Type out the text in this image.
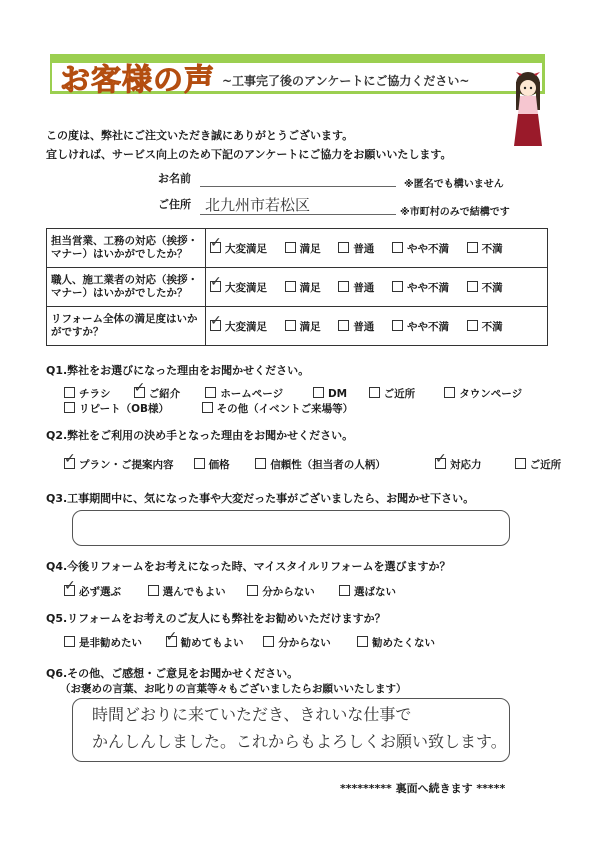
お客様の声 ~工事完了後のアンケートにご協力ください~
この度は、弊社にご注文いただき誠にありがとうございます。
宜しければ、サービス向上のため下記のアンケートにご協力をお願いいたします。
お名前	※匿名でも構いません
ご住所 北九州市若松区	※市町村のみで結構です
担当営業、工務の対応（挨拶・マナー）はいかがでしたか？	✓大変満足 満足 普通 やや不満 不満
職人、施工業者の対応（挨拶・マナー）はいかがでしたか？	✓大変満足 満足 普通 やや不満 不満
リフォーム全体の満足度はいかがですか？	✓大変満足 満足 普通 やや不満 不満
Q1.弊社をお選びになった理由をお聞かせください。
チラシ ✓	ご紹介	ホームページ	DM	ご近所	タウンページ
リピート（OB様）	その他（イベントご来場等）
Q2.弊社をご利用の決め手となった理由をお聞かせください。
✓プラン・ご提案内容	価格	信頼性（担当者の人柄） ✓	対応力	ご近所
Q3.工事期間中に、気になった事や大変だった事がございましたら、お聞かせ下さい。
Q4.今後リフォームをお考えになった時、マイスタイルリフォームを選びますか？
✓必ず選ぶ	選んでもよい	分からない	選ばない
Q5.リフォームをお考えのご友人にも弊社をお勧めいただけますか？
是非勧めたい ✓	勧めてもよい	分からない	勧めたくない
Q6.その他、ご感想・ご意見をお聞かせください。
（お褒めの言葉、お叱りの言葉等々もございましたらお願いいたします）
時間どおりに来ていただき、きれいな仕事で
かんしんしました。これからもよろしくお願い致します。
********* 裏面へ続きます *****
